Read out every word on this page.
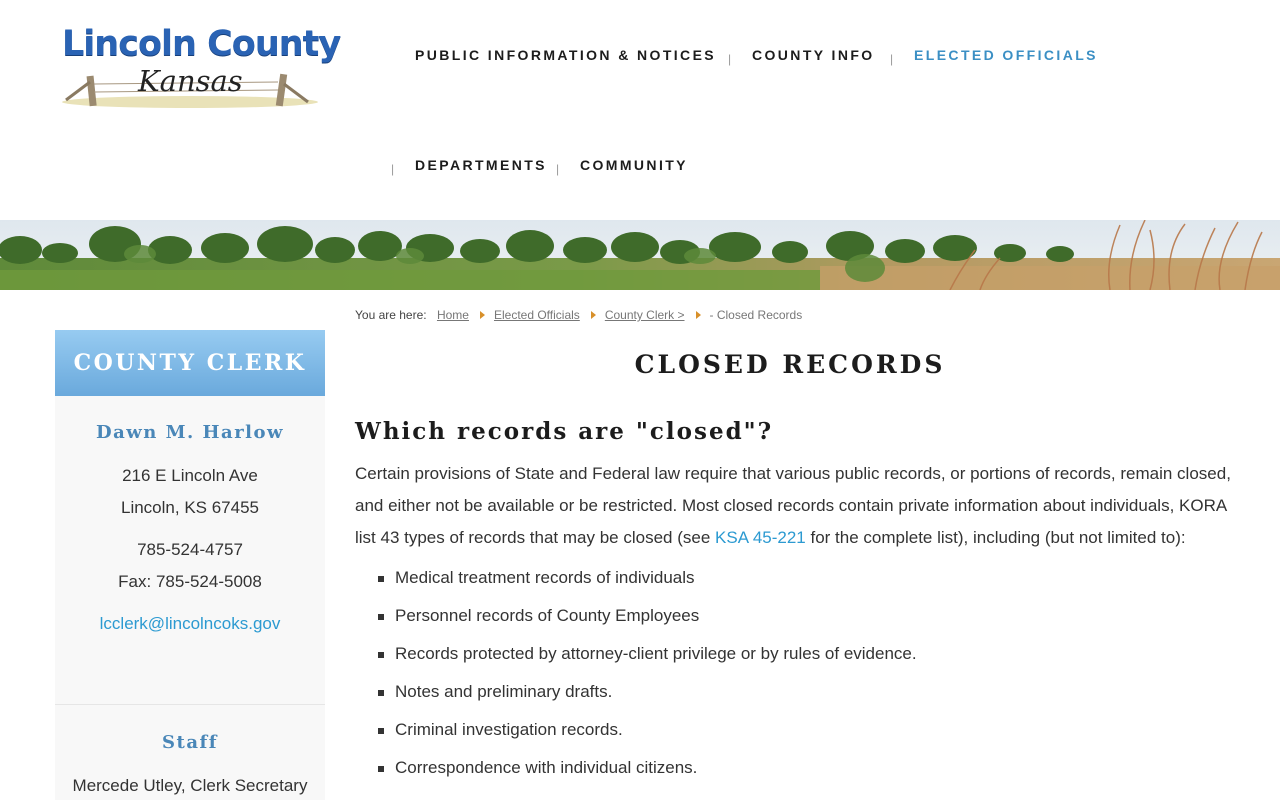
Lincoln County
Kansas
PUBLIC INFORMATION & NOTICES | COUNTY INFO | ELECTED OFFICIALS
| DEPARTMENTS | COMMUNITY
COUNTY CLERK
Dawn M. Harlow
216 E Lincoln Ave
Lincoln, KS 67455
785-524-4757
Fax: 785-524-5008
lcclerk@lincolncoks.gov
Staff
Mercede Utley, Clerk Secretary
You are here: Home Elected Officials County Clerk > - Closed Records
CLOSED RECORDS
Which records are "closed"?

Certain provisions of State and Federal law require that various public records, or portions of records, remain closed, and either not be available or be restricted. Most closed records contain private information about individuals, KORA list 43 types of records that may be closed (see KSA 45-221 for the complete list), including (but not limited to):

Medical treatment records of individuals
Personnel records of County Employees
Records protected by attorney-client privilege or by rules of evidence.
Notes and preliminary drafts.
Criminal investigation records.
Correspondence with individual citizens.
